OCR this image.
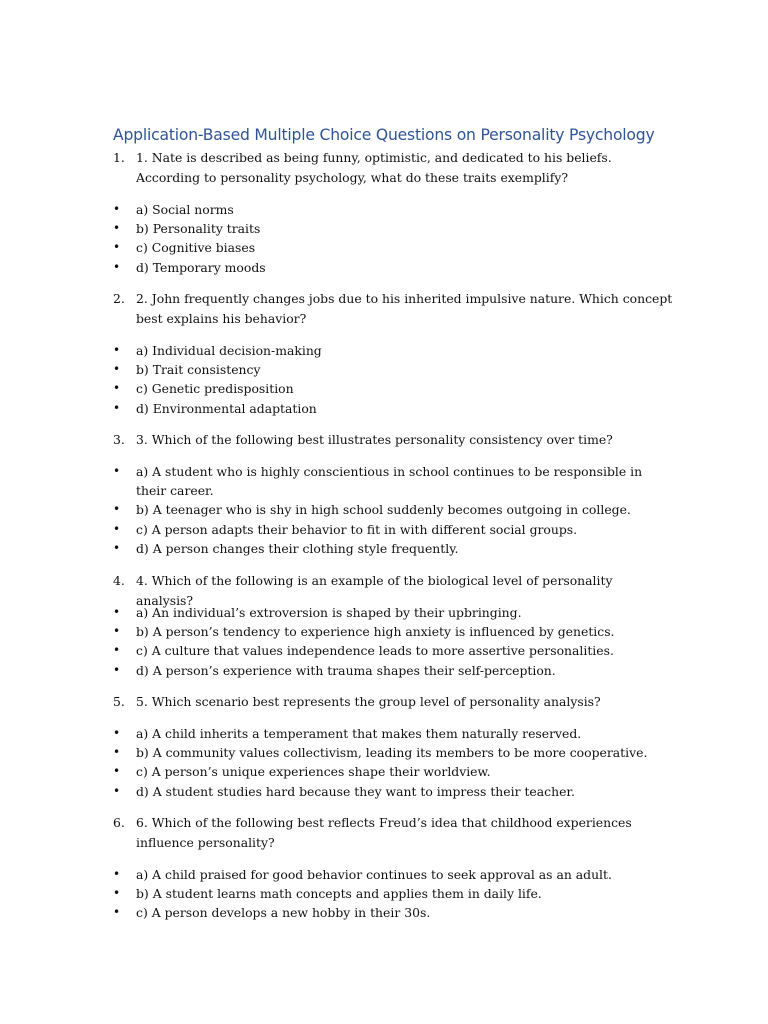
Application-Based Multiple Choice Questions on Personality Psychology
1. 1. Nate is described as being funny, optimistic, and dedicated to his beliefs. According to personality psychology, what do these traits exemplify?
• a) Social norms
• b) Personality traits
• c) Cognitive biases
• d) Temporary moods
2. 2. John frequently changes jobs due to his inherited impulsive nature. Which concept best explains his behavior?
• a) Individual decision-making
• b) Trait consistency
• c) Genetic predisposition
• d) Environmental adaptation
3. 3. Which of the following best illustrates personality consistency over time?
• a) A student who is highly conscientious in school continues to be responsible in their career.
• b) A teenager who is shy in high school suddenly becomes outgoing in college.
• c) A person adapts their behavior to fit in with different social groups.
• d) A person changes their clothing style frequently.
4. 4. Which of the following is an example of the biological level of personality analysis?
• a) An individual’s extroversion is shaped by their upbringing.
• b) A person’s tendency to experience high anxiety is influenced by genetics.
• c) A culture that values independence leads to more assertive personalities.
• d) A person’s experience with trauma shapes their self-perception.
5. 5. Which scenario best represents the group level of personality analysis?
• a) A child inherits a temperament that makes them naturally reserved.
• b) A community values collectivism, leading its members to be more cooperative.
• c) A person’s unique experiences shape their worldview.
• d) A student studies hard because they want to impress their teacher.
6. 6. Which of the following best reflects Freud’s idea that childhood experiences influence personality?
• a) A child praised for good behavior continues to seek approval as an adult.
• b) A student learns math concepts and applies them in daily life.
• c) A person develops a new hobby in their 30s.
